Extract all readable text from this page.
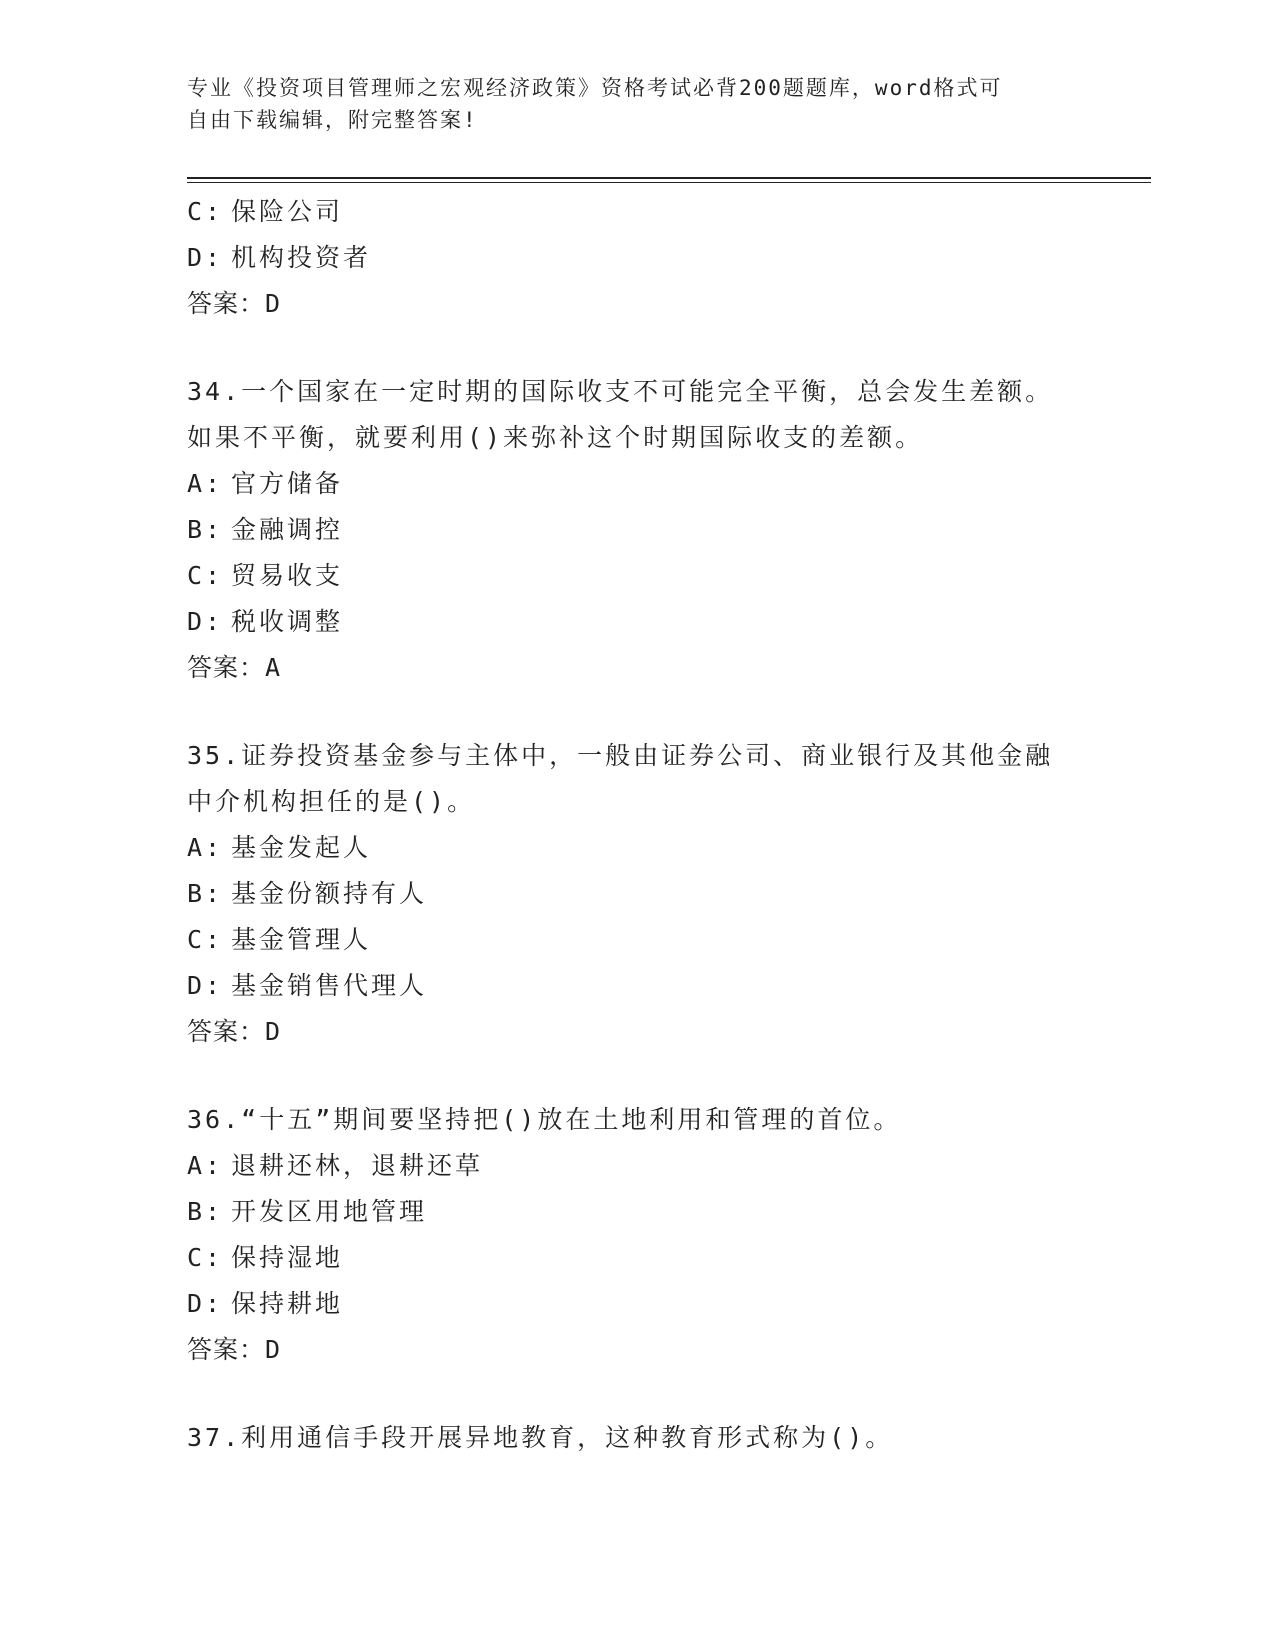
专业《投资项目管理师之宏观经济政策》资格考试必背200题题库，word格式可
自由下载编辑，附完整答案!
C: 保险公司
D: 机构投资者
答案：D
34.一个国家在一定时期的国际收支不可能完全平衡，总会发生差额。
如果不平衡，就要利用()来弥补这个时期国际收支的差额。
A: 官方储备
B: 金融调控
C: 贸易收支
D: 税收调整
答案：A
35.证券投资基金参与主体中，一般由证券公司、商业银行及其他金融
中介机构担任的是()。
A: 基金发起人
B: 基金份额持有人
C: 基金管理人
D: 基金销售代理人
答案：D
36.“十五”期间要坚持把()放在土地利用和管理的首位。
A: 退耕还林，退耕还草
B: 开发区用地管理
C: 保持湿地
D: 保持耕地
答案：D
37.利用通信手段开展异地教育，这种教育形式称为()。
